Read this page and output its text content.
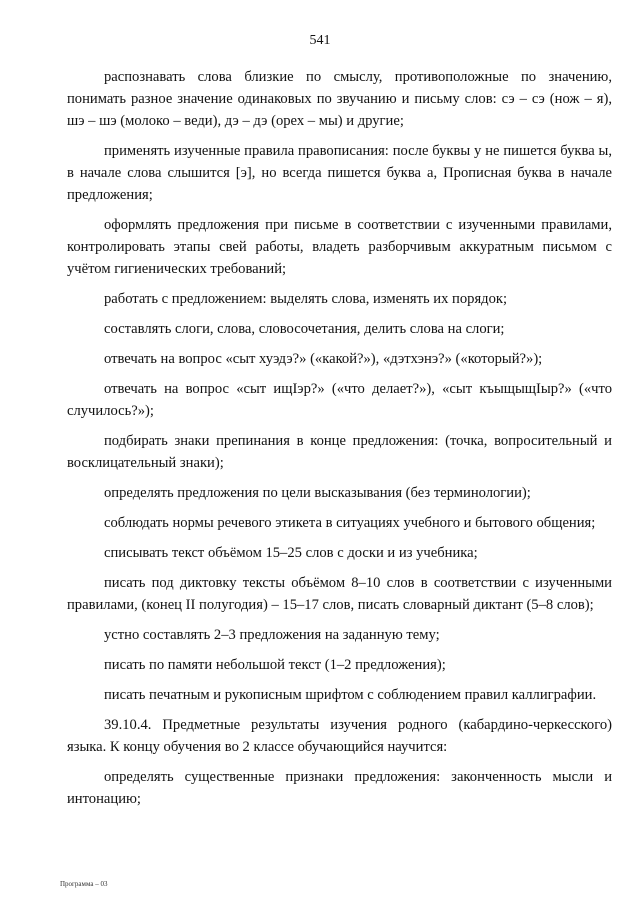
541

распознавать слова близкие по смыслу, противоположные по значению, понимать разное значение одинаковых по звучанию и письму слов: сэ – сэ (нож – я), шэ – шэ (молоко – веди), дэ – дэ (орех – мы) и другие;

применять изученные правила правописания: после буквы у не пишется буква ы, в начале слова слышится [э], но всегда пишется буква а, Прописная буква в начале предложения;

оформлять предложения при письме в соответствии с изученными правилами, контролировать этапы свей работы, владеть разборчивым аккуратным письмом с учётом гигиенических требований;

работать с предложением: выделять слова, изменять их порядок;

составлять слоги, слова, словосочетания, делить слова на слоги;

отвечать на вопрос «сыт хуэдэ?» («какой?»), «дэтхэнэ?» («который?»);

отвечать на вопрос «сыт ищIэр?» («что делает?»), «сыт къыщыщIыр?» («что случилось?»);

подбирать знаки препинания в конце предложения: (точка, вопросительный и восклицательный знаки);

определять предложения по цели высказывания (без терминологии);

соблюдать нормы речевого этикета в ситуациях учебного и бытового общения;

списывать текст объёмом 15–25 слов с доски и из учебника;

писать под диктовку тексты объёмом 8–10 слов в соответствии с изученными правилами, (конец II полугодия) – 15–17 слов, писать словарный диктант (5–8 слов);

устно составлять 2–3 предложения на заданную тему;

писать по памяти небольшой текст (1–2 предложения);

писать печатным и рукописным шрифтом с соблюдением правил каллиграфии.

39.10.4. Предметные результаты изучения родного (кабардино-черкесского) языка. К концу обучения во 2 классе обучающийся научится:

определять существенные признаки предложения: законченность мысли и интонацию;

Программа – 03
